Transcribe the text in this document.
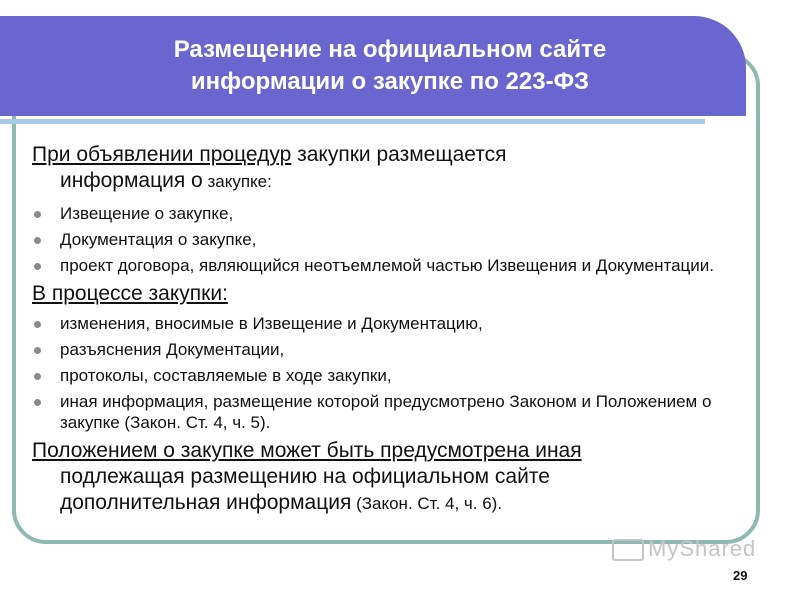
Размещение на официальном сайте
информации о закупке по 223-ФЗ

При объявлении процедур закупки размещается

информация о закупке:

Извещение о закупке,
Документация о закупке,
проект договора, являющийся неотъемлемой частью Извещения и Документации.

В процессе закупки:

изменения, вносимые в Извещение и Документацию,
разъяснения Документации,
протоколы, составляемые в ходе закупки,
иная информация, размещение которой предусмотрено Законом и Положением о закупке (Закон. Ст. 4, ч. 5).

Положением о закупке может быть предусмотрена иная

подлежащая размещению на официальном сайте

дополнительная информация (Закон. Ст. 4, ч. 6).

MyShared
29
